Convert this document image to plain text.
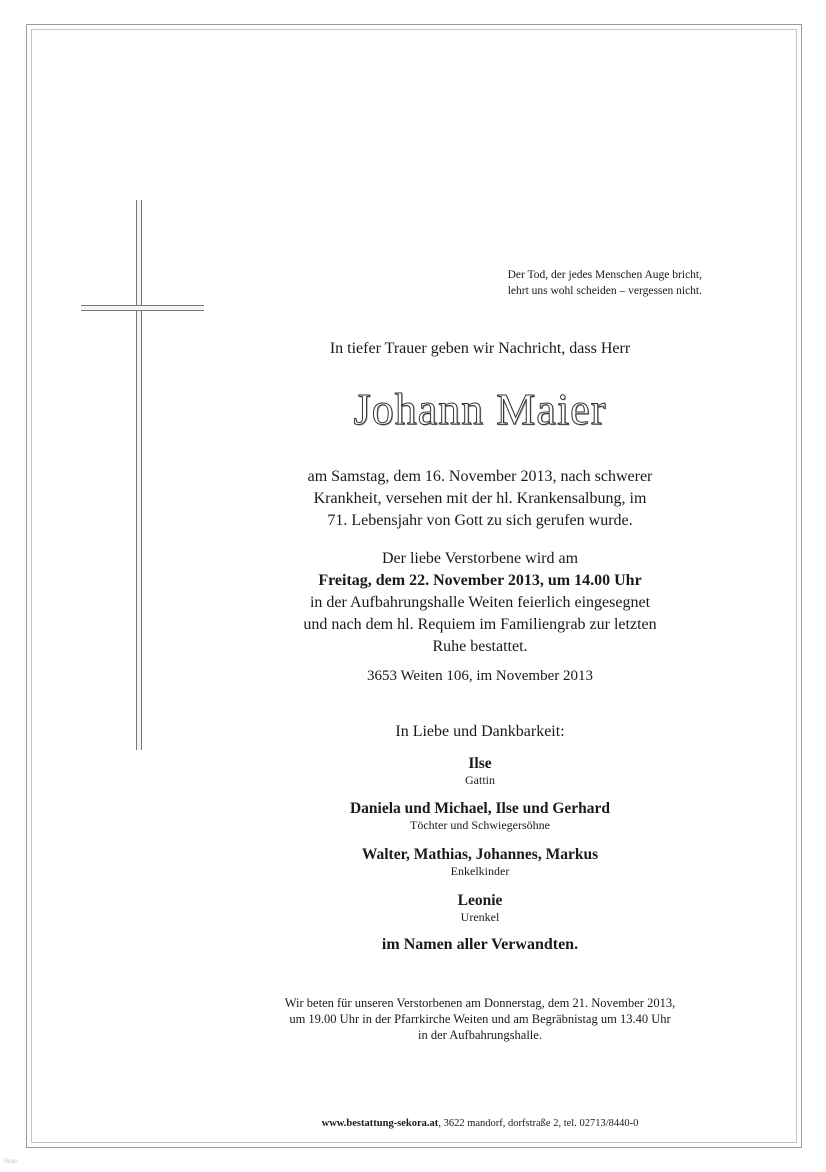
Der Tod, der jedes Menschen Auge bricht,
lehrt uns wohl scheiden – vergessen nicht.
In tiefer Trauer geben wir Nachricht, dass Herr
Johann Maier
am Samstag, dem 16. November 2013, nach schwerer
Krankheit, versehen mit der hl. Krankensalbung, im
71. Lebensjahr von Gott zu sich gerufen wurde.
Der liebe Verstorbene wird am
Freitag, dem 22. November 2013, um 14.00 Uhr
in der Aufbahrungshalle Weiten feierlich eingesegnet
und nach dem hl. Requiem im Familiengrab zur letzten
Ruhe bestattet.
3653 Weiten 106, im November 2013
In Liebe und Dankbarkeit:
Ilse
Gattin
Daniela und Michael, Ilse und Gerhard
Töchter und Schwiegersöhne
Walter, Mathias, Johannes, Markus
Enkelkinder
Leonie
Urenkel
im Namen aller Verwandten.
Wir beten für unseren Verstorbenen am Donnerstag, dem 21. November 2013,
um 19.00 Uhr in der Pfarrkirche Weiten und am Begräbnistag um 13.40 Uhr
in der Aufbahrungshalle.
www.bestattung-sekora.at, 3622 mandorf, dorfstraße 2, tel. 02713/8440-0
Scan
